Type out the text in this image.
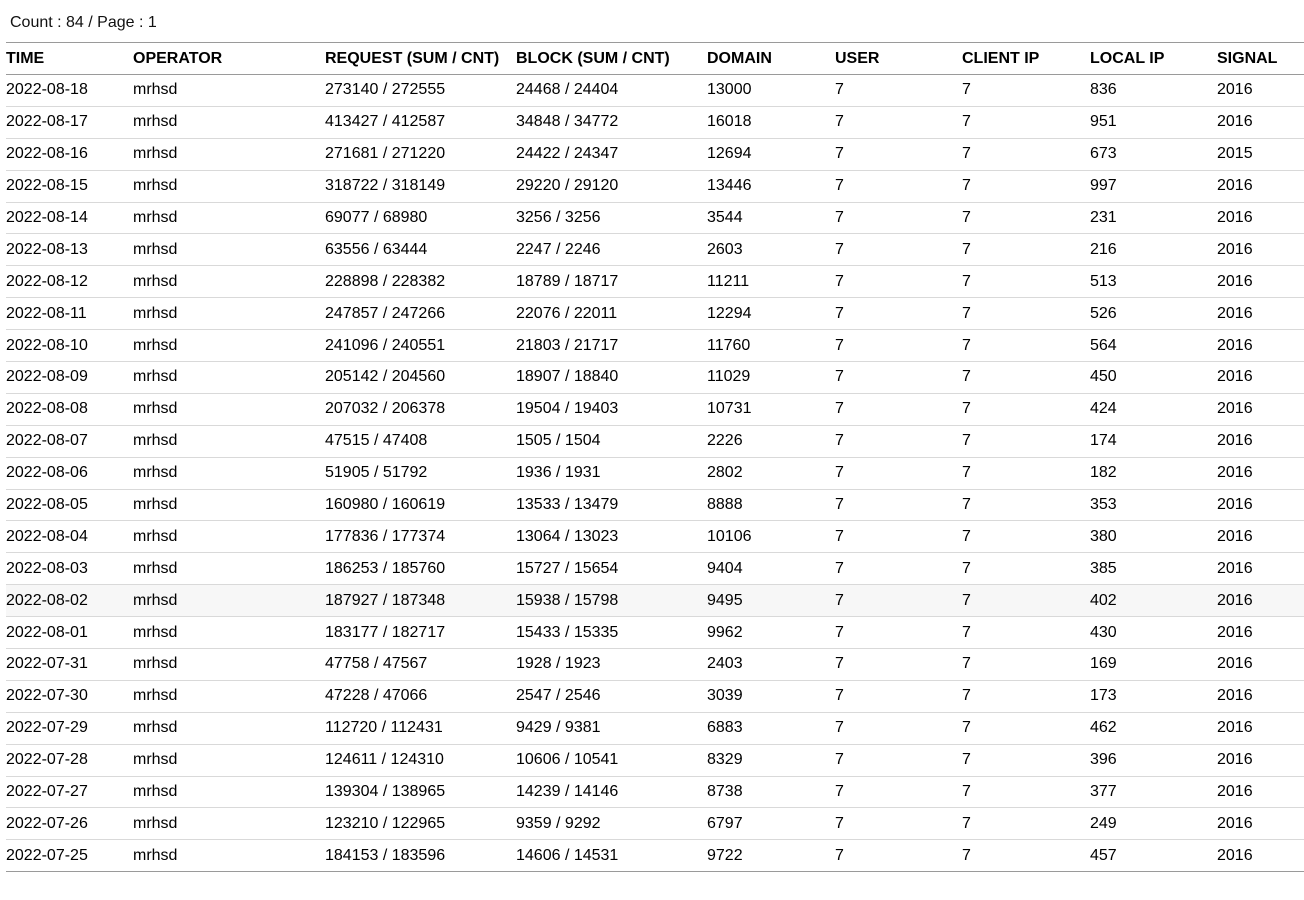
Count : 84 / Page : 1
TIME	OPERATOR	REQUEST (SUM / CNT)	BLOCK (SUM / CNT)	DOMAIN	USER	CLIENT IP	LOCAL IP	SIGNAL
2022-08-18	mrhsd	273140 / 272555	24468 / 24404	13000	7	7	836	2016
2022-08-17	mrhsd	413427 / 412587	34848 / 34772	16018	7	7	951	2016
2022-08-16	mrhsd	271681 / 271220	24422 / 24347	12694	7	7	673	2015
2022-08-15	mrhsd	318722 / 318149	29220 / 29120	13446	7	7	997	2016
2022-08-14	mrhsd	69077 / 68980	3256 / 3256	3544	7	7	231	2016
2022-08-13	mrhsd	63556 / 63444	2247 / 2246	2603	7	7	216	2016
2022-08-12	mrhsd	228898 / 228382	18789 / 18717	11211	7	7	513	2016
2022-08-11	mrhsd	247857 / 247266	22076 / 22011	12294	7	7	526	2016
2022-08-10	mrhsd	241096 / 240551	21803 / 21717	11760	7	7	564	2016
2022-08-09	mrhsd	205142 / 204560	18907 / 18840	11029	7	7	450	2016
2022-08-08	mrhsd	207032 / 206378	19504 / 19403	10731	7	7	424	2016
2022-08-07	mrhsd	47515 / 47408	1505 / 1504	2226	7	7	174	2016
2022-08-06	mrhsd	51905 / 51792	1936 / 1931	2802	7	7	182	2016
2022-08-05	mrhsd	160980 / 160619	13533 / 13479	8888	7	7	353	2016
2022-08-04	mrhsd	177836 / 177374	13064 / 13023	10106	7	7	380	2016
2022-08-03	mrhsd	186253 / 185760	15727 / 15654	9404	7	7	385	2016
2022-08-02	mrhsd	187927 / 187348	15938 / 15798	9495	7	7	402	2016
2022-08-01	mrhsd	183177 / 182717	15433 / 15335	9962	7	7	430	2016
2022-07-31	mrhsd	47758 / 47567	1928 / 1923	2403	7	7	169	2016
2022-07-30	mrhsd	47228 / 47066	2547 / 2546	3039	7	7	173	2016
2022-07-29	mrhsd	112720 / 112431	9429 / 9381	6883	7	7	462	2016
2022-07-28	mrhsd	124611 / 124310	10606 / 10541	8329	7	7	396	2016
2022-07-27	mrhsd	139304 / 138965	14239 / 14146	8738	7	7	377	2016
2022-07-26	mrhsd	123210 / 122965	9359 / 9292	6797	7	7	249	2016
2022-07-25	mrhsd	184153 / 183596	14606 / 14531	9722	7	7	457	2016
